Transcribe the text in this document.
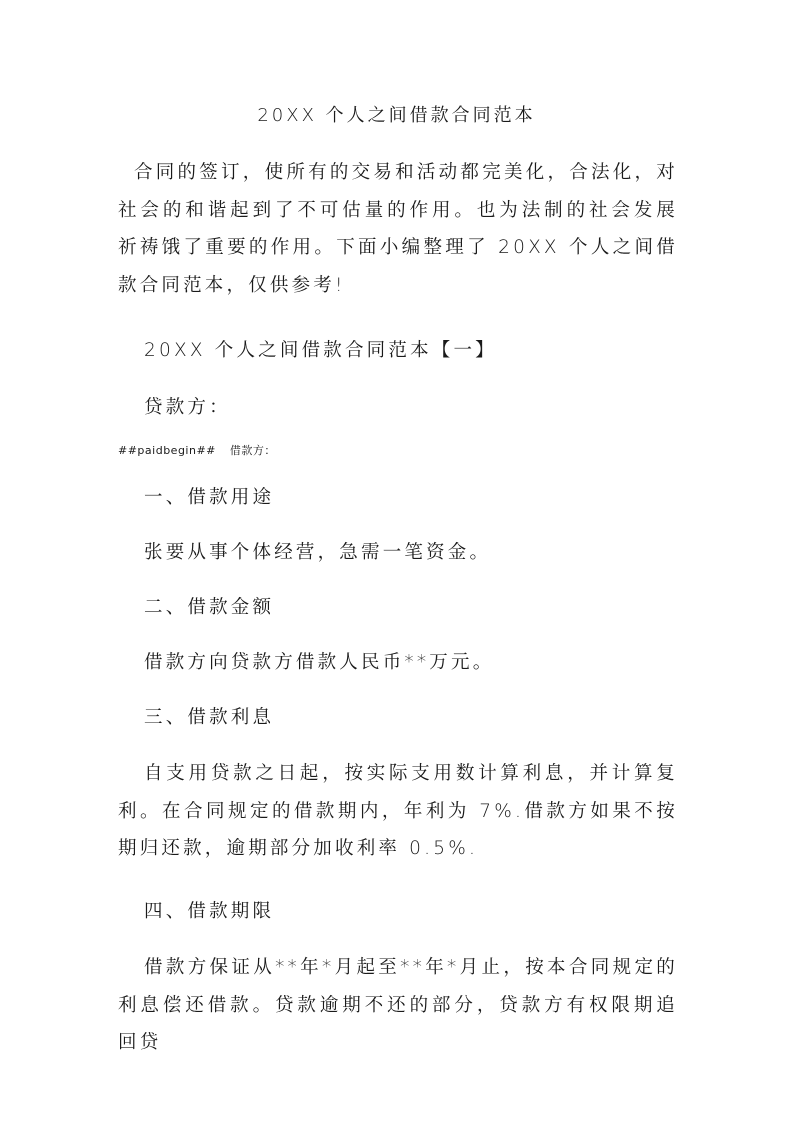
20XX 个人之间借款合同范本
合同的签订，使所有的交易和活动都完美化，合法化，对社会的和谐起到了不可估量的作用。也为法制的社会发展祈祷饿了重要的作用。下面小编整理了 20XX 个人之间借款合同范本，仅供参考!
20XX 个人之间借款合同范本【一】
贷款方：
##paidbegin## 借款方：
一、借款用途
张要从事个体经营，急需一笔资金。
二、借款金额
借款方向贷款方借款人民币**万元。
三、借款利息
自支用贷款之日起，按实际支用数计算利息，并计算复利。在合同规定的借款期内，年利为 7%.借款方如果不按期归还款，逾期部分加收利率 0.5%.
四、借款期限
借款方保证从**年*月起至**年*月止，按本合同规定的利息偿还借款。贷款逾期不还的部分，贷款方有权限期追回贷
